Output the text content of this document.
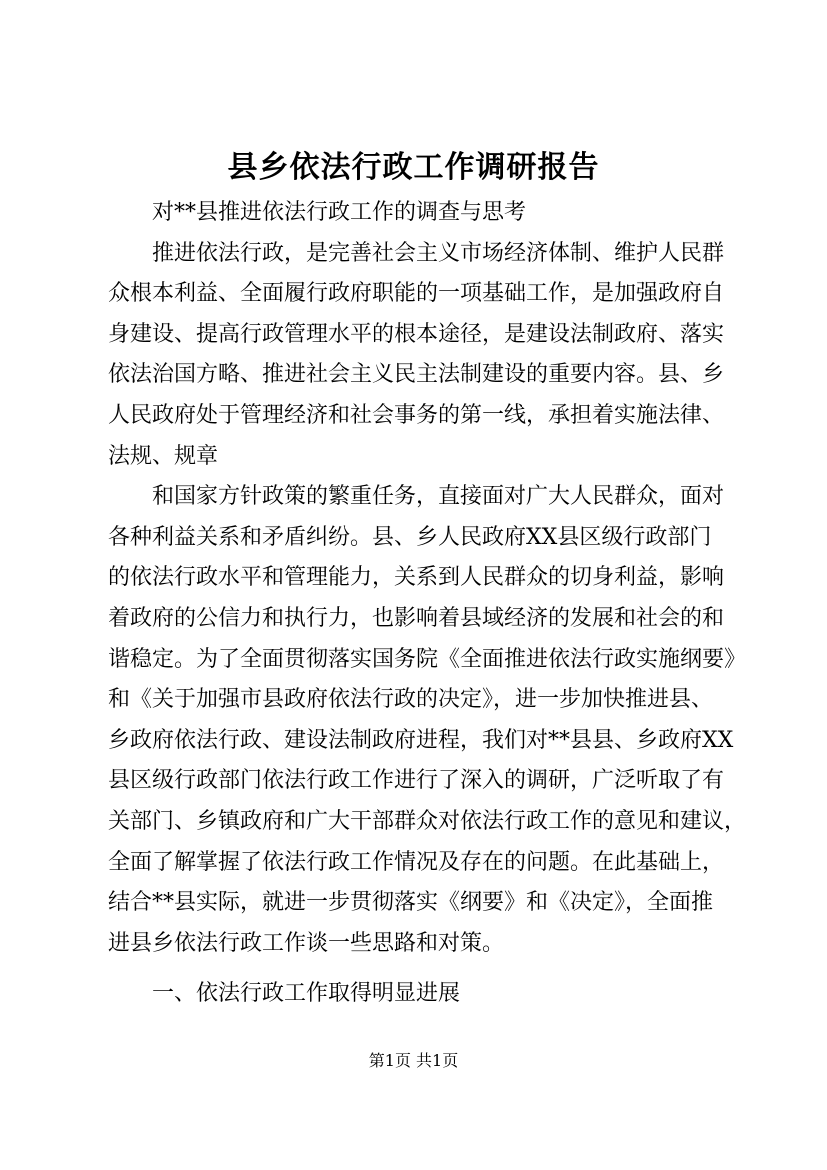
县乡依法行政工作调研报告
对**县推进依法行政工作的调查与思考
推进依法行政，是完善社会主义市场经济体制、维护人民群
众根本利益、全面履行政府职能的一项基础工作，是加强政府自
身建设、提高行政管理水平的根本途径，是建设法制政府、落实
依法治国方略、推进社会主义民主法制建设的重要内容。县、乡
人民政府处于管理经济和社会事务的第一线，承担着实施法律、
法规、规章
和国家方针政策的繁重任务，直接面对广大人民群众，面对
各种利益关系和矛盾纠纷。县、乡人民政府XX县区级行政部门
的依法行政水平和管理能力，关系到人民群众的切身利益，影响
着政府的公信力和执行力，也影响着县域经济的发展和社会的和
谐稳定。为了全面贯彻落实国务院《全面推进依法行政实施纲要》
和《关于加强市县政府依法行政的决定》，进一步加快推进县、
乡政府依法行政、建设法制政府进程，我们对**县县、乡政府XX
县区级行政部门依法行政工作进行了深入的调研，广泛听取了有
关部门、乡镇政府和广大干部群众对依法行政工作的意见和建议，
全面了解掌握了依法行政工作情况及存在的问题。在此基础上，
结合**县实际，就进一步贯彻落实《纲要》和《决定》，全面推
进县乡依法行政工作谈一些思路和对策。
一、依法行政工作取得明显进展
第1页 共1页
